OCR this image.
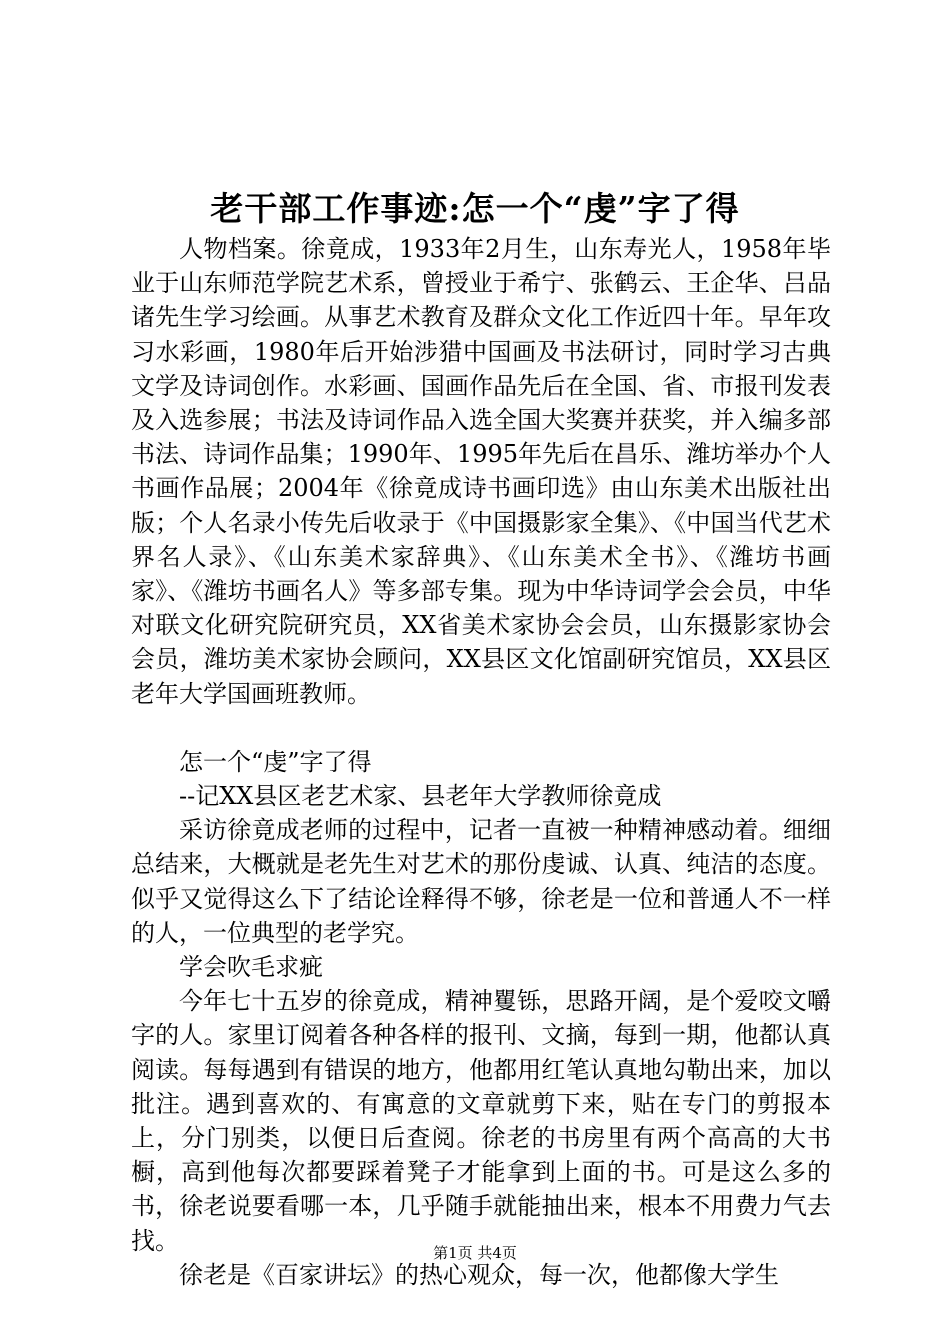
老干部工作事迹:怎一个“虔”字了得

人物档案。徐竟成，1933年2月生，山东寿光人，1958年毕业于山东师范学院艺术系，曾授业于希宁、张鹤云、王企华、吕品诸先生学习绘画。从事艺术教育及群众文化工作近四十年。早年攻习水彩画，1980年后开始涉猎中国画及书法研讨，同时学习古典文学及诗词创作。水彩画、国画作品先后在全国、省、市报刊发表及入选参展；书法及诗词作品入选全国大奖赛并获奖，并入编多部书法、诗词作品集；1990年、1995年先后在昌乐、潍坊举办个人书画作品展；2004年《徐竟成诗书画印选》由山东美术出版社出版；个人名录小传先后收录于《中国摄影家全集》、《中国当代艺术界名人录》、《山东美术家辞典》、《山东美术全书》、《潍坊书画家》、《潍坊书画名人》等多部专集。现为中华诗词学会会员，中华对联文化研究院研究员，XX省美术家协会会员，山东摄影家协会会员，潍坊美术家协会顾问，XX县区文化馆副研究馆员，XX县区老年大学国画班教师。

怎一个“虔”字了得

--记XX县区老艺术家、县老年大学教师徐竟成

采访徐竟成老师的过程中，记者一直被一种精神感动着。细细总结来，大概就是老先生对艺术的那份虔诚、认真、纯洁的态度。似乎又觉得这么下了结论诠释得不够，徐老是一位和普通人不一样的人，一位典型的老学究。

学会吹毛求疵

今年七十五岁的徐竟成，精神矍铄，思路开阔，是个爱咬文嚼字的人。家里订阅着各种各样的报刊、文摘，每到一期，他都认真阅读。每每遇到有错误的地方，他都用红笔认真地勾勒出来，加以批注。遇到喜欢的、有寓意的文章就剪下来，贴在专门的剪报本上，分门别类，以便日后查阅。徐老的书房里有两个高高的大书橱，高到他每次都要踩着凳子才能拿到上面的书。可是这么多的书，徐老说要看哪一本，几乎随手就能抽出来，根本不用费力气去找。

徐老是《百家讲坛》的热心观众，每一次，他都像大学生

第1页 共4页
